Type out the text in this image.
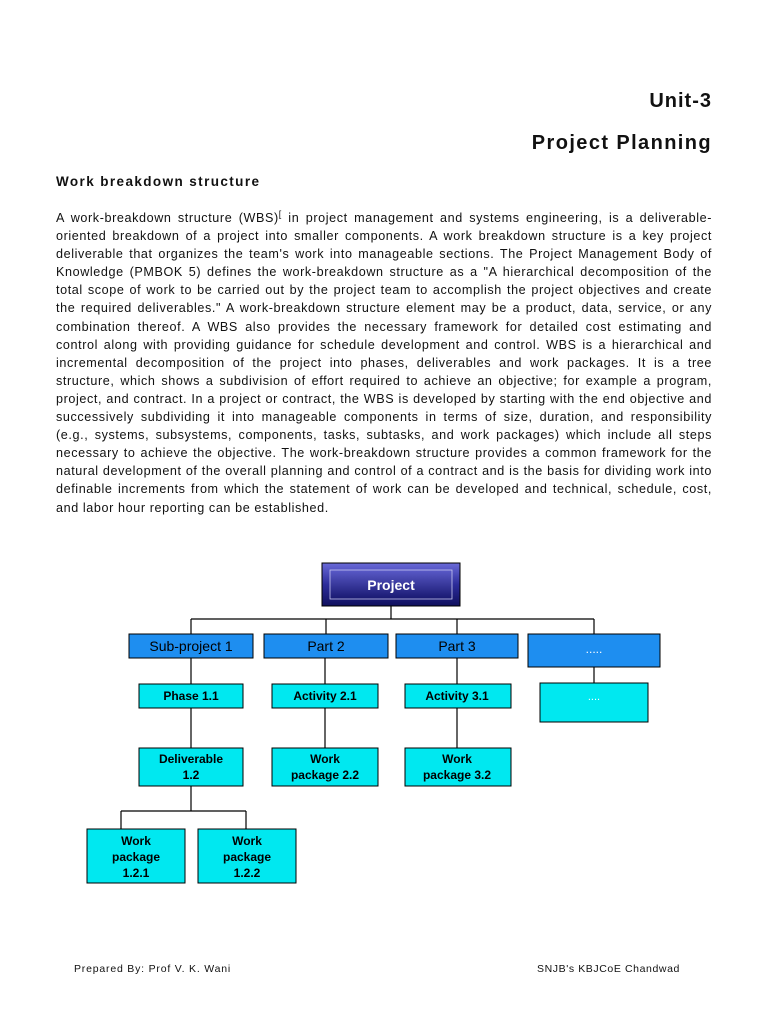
Unit-3
Project Planning
Work breakdown structure

A work-breakdown structure (WBS)[ in project management and systems engineering, is a deliverable-oriented breakdown of a project into smaller components. A work breakdown structure is a key project deliverable that organizes the team's work into manageable sections. The Project Management Body of Knowledge (PMBOK 5) defines the work-breakdown structure as a "A hierarchical decomposition of the total scope of work to be carried out by the project team to accomplish the project objectives and create the required deliverables." A work-breakdown structure element may be a product, data, service, or any combination thereof. A WBS also provides the necessary framework for detailed cost estimating and control along with providing guidance for schedule development and control. WBS is a hierarchical and incremental decomposition of the project into phases, deliverables and work packages. It is a tree structure, which shows a subdivision of effort required to achieve an objective; for example a program, project, and contract. In a project or contract, the WBS is developed by starting with the end objective and successively subdividing it into manageable components in terms of size, duration, and responsibility (e.g., systems, subsystems, components, tasks, subtasks, and work packages) which include all steps necessary to achieve the objective. The work-breakdown structure provides a common framework for the natural development of the overall planning and control of a contract and is the basis for dividing work into definable increments from which the statement of work can be developed and technical, schedule, cost, and labor hour reporting can be established.

Project
Sub-project 1	Part 2	Part 3	.....
Phase 1.1	Activity 2.1	Activity 3.1	....
Deliverable
1.2
Work
package 2.2
Work
package 3.2
Work
package
1.2.1
Work
package
1.2.2
Prepared By: Prof V. K. Wani	SNJB's KBJCoE Chandwad
